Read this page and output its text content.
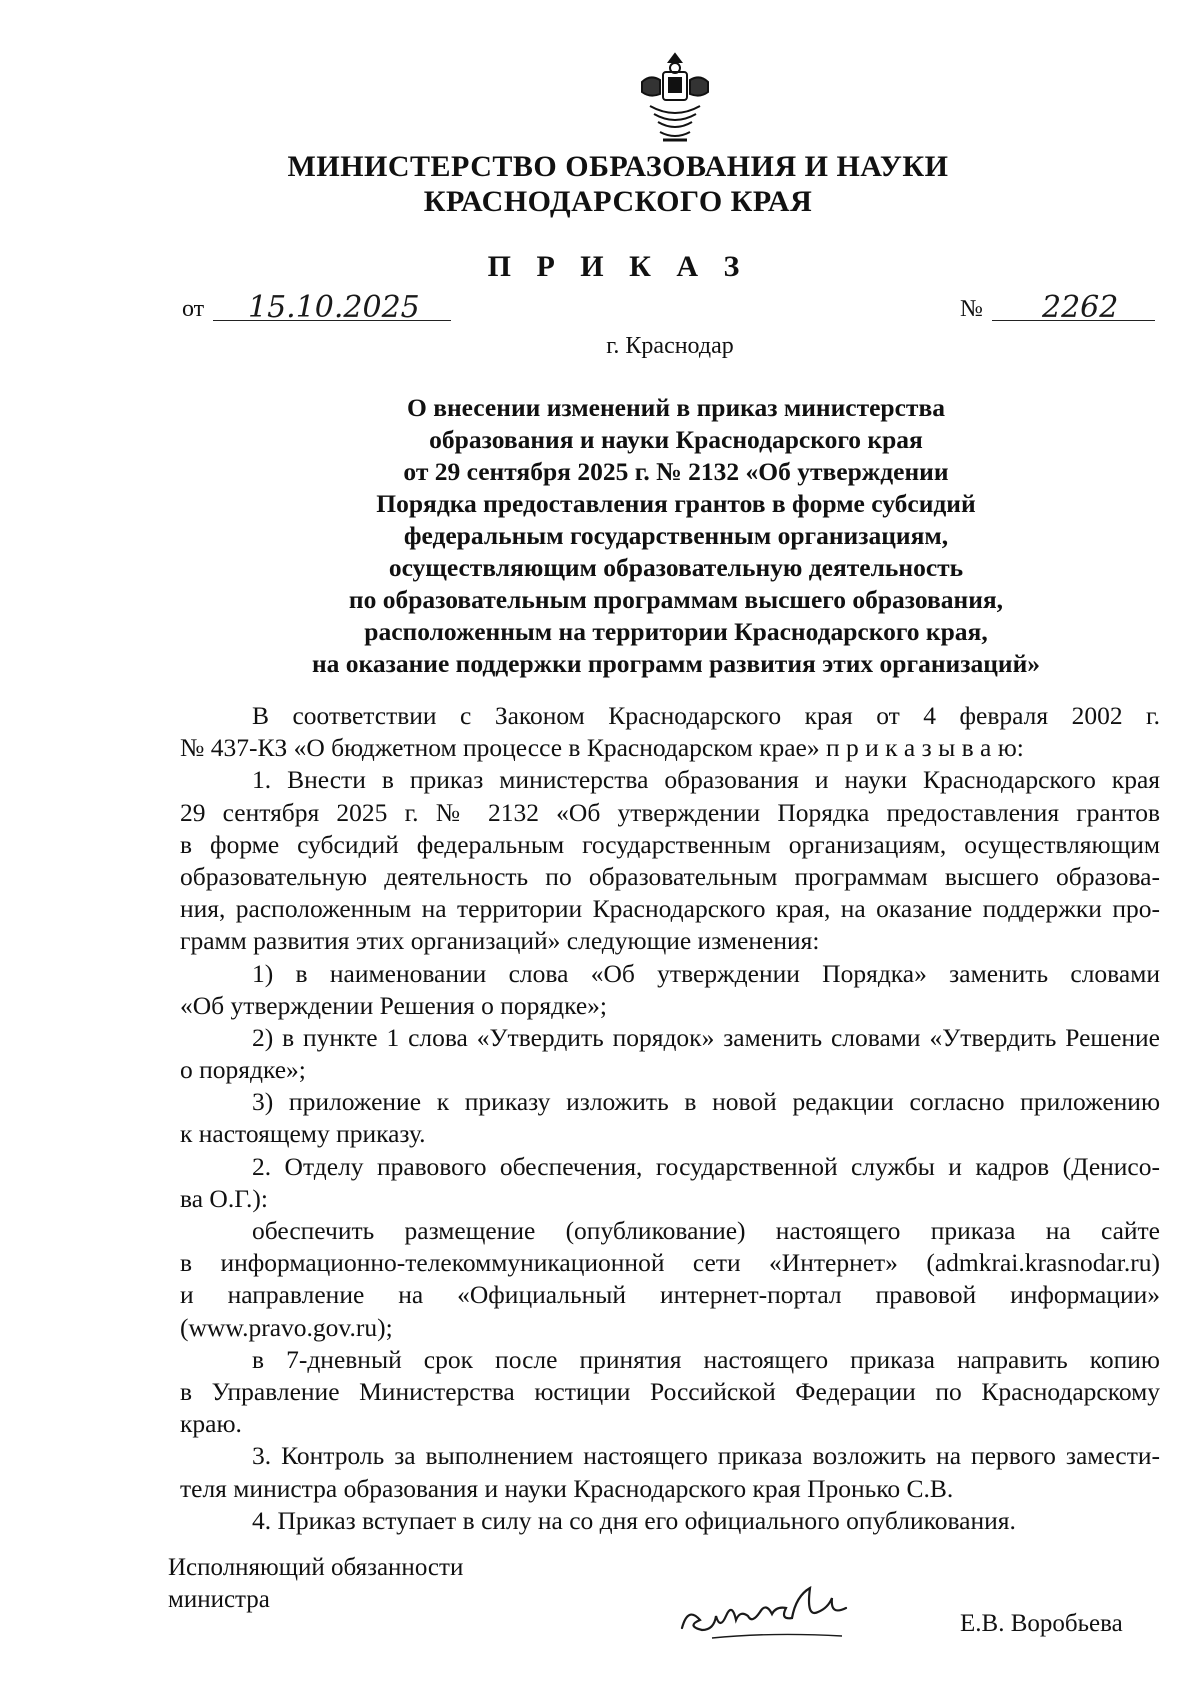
МИНИСТЕРСТВО ОБРАЗОВАНИЯ И НАУКИ
КРАСНОДАРСКОГО КРАЯ
П Р И К А З
от 15.10.2025	№ 2262
г. Краснодар
О внесении изменений в приказ министерства
образования и науки Краснодарского края
от 29 сентября 2025 г. № 2132 «Об утверждении
Порядка предоставления грантов в форме субсидий
федеральным государственным организациям,
осуществляющим образовательную деятельность
по образовательным программам высшего образования,
расположенным на территории Краснодарского края,
на оказание поддержки программ развития этих организаций»
В соответствии с Законом Краснодарского края от 4 февраля 2002 г.
№ 437-КЗ «О бюджетном процессе в Краснодарском крае» п р и к а з ы в а ю:
1. Внести в приказ министерства образования и науки Краснодарского края
29 сентября 2025 г. № 2132 «Об утверждении Порядка предоставления грантов
в форме субсидий федеральным государственным организациям, осуществляющим
образовательную деятельность по образовательным программам высшего образова-
ния, расположенным на территории Краснодарского края, на оказание поддержки про-
грамм развития этих организаций» следующие изменения:
1) в наименовании слова «Об утверждении Порядка» заменить словами
«Об утверждении Решения о порядке»;
2) в пункте 1 слова «Утвердить порядок» заменить словами «Утвердить Решение
о порядке»;
3) приложение к приказу изложить в новой редакции согласно приложению
к настоящему приказу.
2. Отделу правового обеспечения, государственной службы и кадров (Денисо-
ва О.Г.):
обеспечить размещение (опубликование) настоящего приказа на сайте
в информационно-телекоммуникационной сети «Интернет» (admkrai.krasnodar.ru)
и направление на «Официальный интернет-портал правовой информации»
(www.pravo.gov.ru);
в 7-дневный срок после принятия настоящего приказа направить копию
в Управление Министерства юстиции Российской Федерации по Краснодарскому
краю.
3. Контроль за выполнением настоящего приказа возложить на первого замести-
теля министра образования и науки Краснодарского края Пронько С.В.
4. Приказ вступает в силу на со дня его официального опубликования.
Исполняющий обязанности
министра
Е.В. Воробьева
